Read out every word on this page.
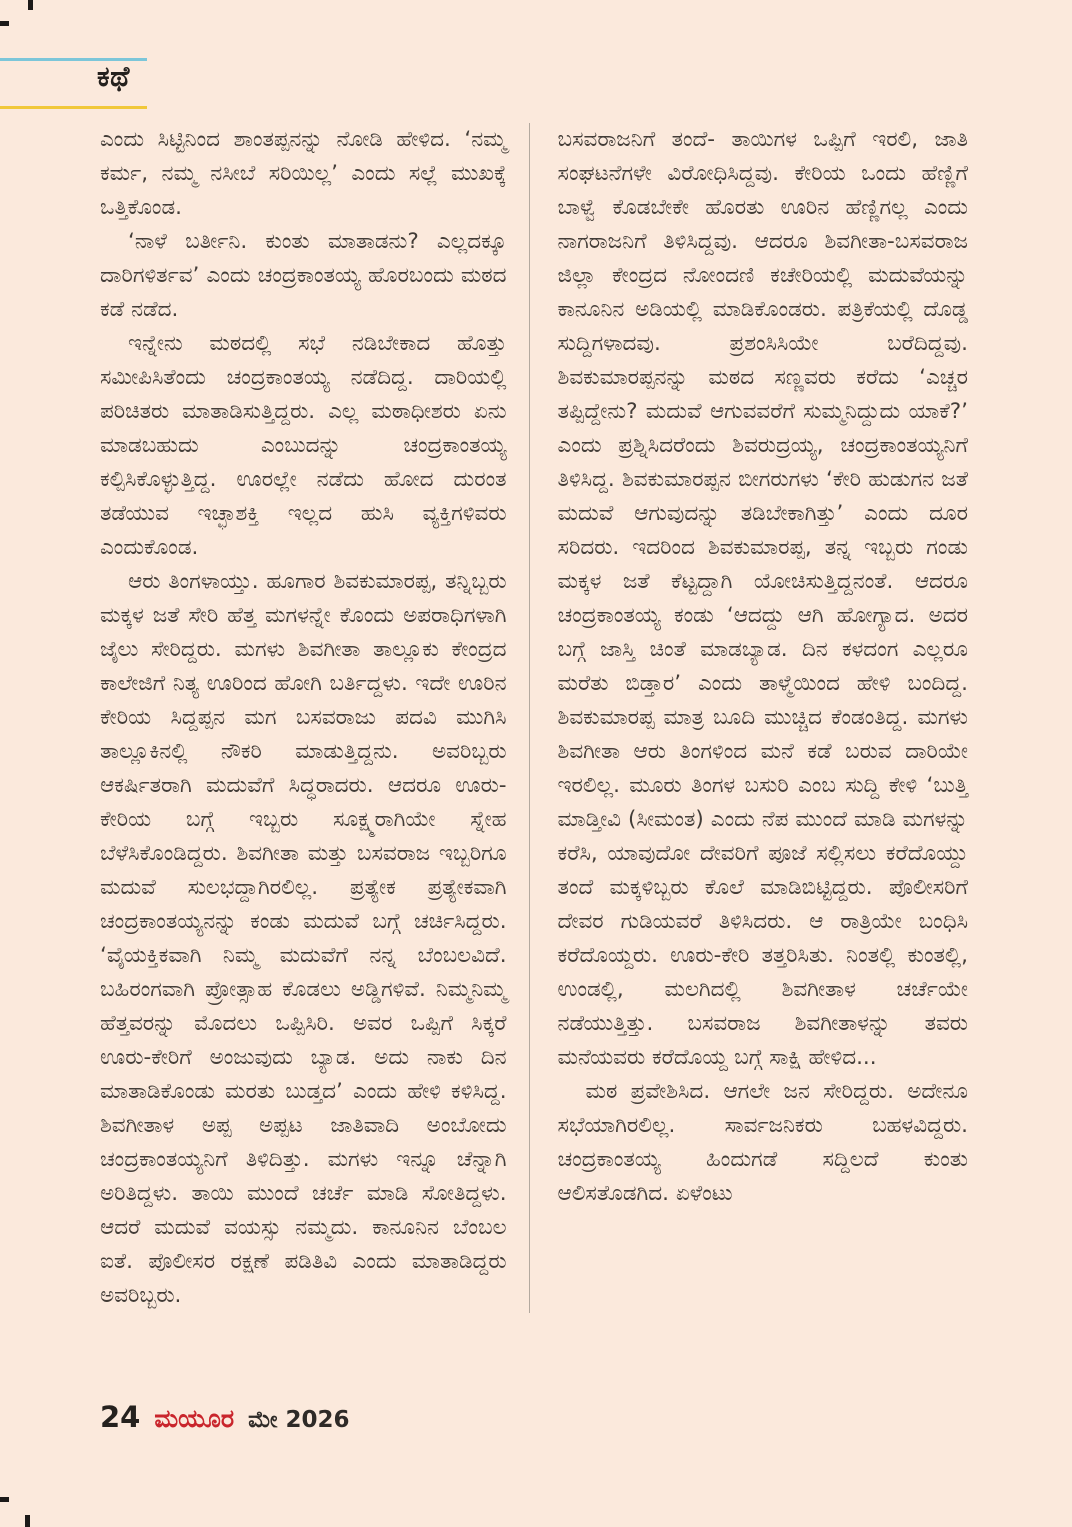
ಕಥೆ

ಎಂದು ಸಿಟ್ಟಿನಿಂದ ಶಾಂತಪ್ಪನನ್ನು ನೋಡಿ ಹೇಳಿದ. ‘ನಮ್ಮ ಕರ್ಮ, ನಮ್ಮ ನಸೀಬೆ ಸರಿಯಿಲ್ಲ’ ಎಂದು ಸಲ್ಲೆ ಮುಖಕ್ಕೆ ಒತ್ತಿಕೊಂಡ.

‘ನಾಳೆ ಬರ್ತೀನಿ. ಕುಂತು ಮಾತಾಡನು? ಎಲ್ಲದಕ್ಕೂ ದಾರಿಗಳಿರ್ತವ’ ಎಂದು ಚಂದ್ರಕಾಂತಯ್ಯ ಹೊರಬಂದು ಮಠದ ಕಡೆ ನಡೆದ.

ಇನ್ನೇನು ಮಠದಲ್ಲಿ ಸಭೆ ನಡಿಬೇಕಾದ ಹೊತ್ತು ಸಮೀಪಿಸಿತೆಂದು ಚಂದ್ರಕಾಂತಯ್ಯ ನಡೆದಿದ್ದ. ದಾರಿಯಲ್ಲಿ ಪರಿಚಿತರು ಮಾತಾಡಿಸುತ್ತಿದ್ದರು. ಎಲ್ಲ ಮಠಾಧೀಶರು ಏನು ಮಾಡಬಹುದು ಎಂಬುದನ್ನು ಚಂದ್ರಕಾಂತಯ್ಯ ಕಲ್ಪಿಸಿಕೊಳ್ಳುತ್ತಿದ್ದ. ಊರಲ್ಲೇ ನಡೆದು ಹೋದ ದುರಂತ ತಡೆಯುವ ಇಚ್ಛಾಶಕ್ತಿ ಇಲ್ಲದ ಹುಸಿ ವ್ಯಕ್ತಿಗಳಿವರು ಎಂದುಕೊಂಡ.

ಆರು ತಿಂಗಳಾಯ್ತು. ಹೂಗಾರ ಶಿವಕುಮಾರಪ್ಪ, ತನ್ನಿಬ್ಬರು ಮಕ್ಕಳ ಜತೆ ಸೇರಿ ಹೆತ್ತ ಮಗಳನ್ನೇ ಕೊಂದು ಅಪರಾಧಿಗಳಾಗಿ ಜೈಲು ಸೇರಿದ್ದರು. ಮಗಳು ಶಿವಗೀತಾ ತಾಲ್ಲೂಕು ಕೇಂದ್ರದ ಕಾಲೇಜಿಗೆ ನಿತ್ಯ ಊರಿಂದ ಹೋಗಿ ಬರ್ತಿದ್ದಳು. ಇದೇ ಊರಿನ ಕೇರಿಯ ಸಿದ್ದಪ್ಪನ ಮಗ ಬಸವರಾಜು ಪದವಿ ಮುಗಿಸಿ ತಾಲ್ಲೂಕಿನಲ್ಲಿ ನೌಕರಿ ಮಾಡುತ್ತಿದ್ದನು. ಅವರಿಬ್ಬರು ಆಕರ್ಷಿತರಾಗಿ ಮದುವೆಗೆ ಸಿದ್ಧರಾದರು. ಆದರೂ ಊರು-ಕೇರಿಯ ಬಗ್ಗೆ ಇಬ್ಬರು ಸೂಕ್ಷ್ಮರಾಗಿಯೇ ಸ್ನೇಹ ಬೆಳೆಸಿಕೊಂಡಿದ್ದರು. ಶಿವಗೀತಾ ಮತ್ತು ಬಸವರಾಜ ಇಬ್ಬರಿಗೂ ಮದುವೆ ಸುಲಭದ್ದಾಗಿರಲಿಲ್ಲ. ಪ್ರತ್ಯೇಕ ಪ್ರತ್ಯೇಕವಾಗಿ ಚಂದ್ರಕಾಂತಯ್ಯನನ್ನು ಕಂಡು ಮದುವೆ ಬಗ್ಗೆ ಚರ್ಚಿಸಿದ್ದರು. ‘ವೈಯಕ್ತಿಕವಾಗಿ ನಿಮ್ಮ ಮದುವೆಗೆ ನನ್ನ ಬೆಂಬಲವಿದೆ. ಬಹಿರಂಗವಾಗಿ ಪ್ರೋತ್ಸಾಹ ಕೊಡಲು ಅಡ್ಡಿಗಳಿವೆ. ನಿಮ್ಮನಿಮ್ಮ ಹೆತ್ತವರನ್ನು ಮೊದಲು ಒಪ್ಪಿಸಿರಿ. ಅವರ ಒಪ್ಪಿಗೆ ಸಿಕ್ಕರೆ ಊರು-ಕೇರಿಗೆ ಅಂಜುವುದು ಬ್ಯಾಡ. ಅದು ನಾಕು ದಿನ ಮಾತಾಡಿಕೊಂಡು ಮರತು ಬುಡ್ತದ’ ಎಂದು ಹೇಳಿ ಕಳಿಸಿದ್ದ. ಶಿವಗೀತಾಳ ಅಪ್ಪ ಅಪ್ಪಟ ಜಾತಿವಾದಿ ಅಂಬೋದು ಚಂದ್ರಕಾಂತಯ್ಯನಿಗೆ ತಿಳಿದಿತ್ತು. ಮಗಳು ಇನ್ನೂ ಚೆನ್ನಾಗಿ ಅರಿತಿದ್ದಳು. ತಾಯಿ ಮುಂದೆ ಚರ್ಚೆ ಮಾಡಿ ಸೋತಿದ್ದಳು. ಆದರೆ ಮದುವೆ ವಯಸ್ಸು ನಮ್ಮದು. ಕಾನೂನಿನ ಬೆಂಬಲ ಐತೆ. ಪೊಲೀಸರ ರಕ್ಷಣೆ ಪಡಿತಿವಿ ಎಂದು ಮಾತಾಡಿದ್ದರು ಅವರಿಬ್ಬರು.

ಬಸವರಾಜನಿಗೆ ತಂದೆ- ತಾಯಿಗಳ ಒಪ್ಪಿಗೆ ಇರಲಿ, ಜಾತಿ ಸಂಘಟನೆಗಳೇ ವಿರೋಧಿಸಿದ್ದವು. ಕೇರಿಯ ಒಂದು ಹೆಣ್ಣಿಗೆ ಬಾಳ್ವೆ ಕೊಡಬೇಕೇ ಹೊರತು ಊರಿನ ಹೆಣ್ಣಿಗಲ್ಲ ಎಂದು ನಾಗರಾಜನಿಗೆ ತಿಳಿಸಿದ್ದವು. ಆದರೂ ಶಿವಗೀತಾ-ಬಸವರಾಜ ಜಿಲ್ಲಾ ಕೇಂದ್ರದ ನೋಂದಣಿ ಕಚೇರಿಯಲ್ಲಿ ಮದುವೆಯನ್ನು ಕಾನೂನಿನ ಅಡಿಯಲ್ಲಿ ಮಾಡಿಕೊಂಡರು. ಪತ್ರಿಕೆಯಲ್ಲಿ ದೊಡ್ಡ ಸುದ್ದಿಗಳಾದವು. ಪ್ರಶಂಸಿಸಿಯೇ ಬರೆದಿದ್ದವು. ಶಿವಕುಮಾರಪ್ಪನನ್ನು ಮಠದ ಸಣ್ಣವರು ಕರೆದು ‘ಎಚ್ಚರ ತಪ್ಪಿದ್ದೇನು? ಮದುವೆ ಆಗುವವರೆಗೆ ಸುಮ್ಮನಿದ್ದುದು ಯಾಕೆ?’ ಎಂದು ಪ್ರಶ್ನಿಸಿದರೆಂದು ಶಿವರುದ್ರಯ್ಯ, ಚಂದ್ರಕಾಂತಯ್ಯನಿಗೆ ತಿಳಿಸಿದ್ದ. ಶಿವಕುಮಾರಪ್ಪನ ಬೀಗರುಗಳು ‘ಕೇರಿ ಹುಡುಗನ ಜತೆ ಮದುವೆ ಆಗುವುದನ್ನು ತಡಿಬೇಕಾಗಿತ್ತು’ ಎಂದು ದೂರ ಸರಿದರು. ಇದರಿಂದ ಶಿವಕುಮಾರಪ್ಪ, ತನ್ನ ಇಬ್ಬರು ಗಂಡು ಮಕ್ಕಳ ಜತೆ ಕೆಟ್ಟದ್ದಾಗಿ ಯೋಚಿಸುತ್ತಿದ್ದನಂತೆ. ಆದರೂ ಚಂದ್ರಕಾಂತಯ್ಯ ಕಂಡು ‘ಆದದ್ದು ಆಗಿ ಹೋಗ್ಯಾದ. ಅದರ ಬಗ್ಗೆ ಜಾಸ್ತಿ ಚಿಂತೆ ಮಾಡಬ್ಯಾಡ. ದಿನ ಕಳದಂಗ ಎಲ್ಲರೂ ಮರೆತು ಬಿಡ್ತಾರ’ ಎಂದು ತಾಳ್ಮೆಯಿಂದ ಹೇಳಿ ಬಂದಿದ್ದ. ಶಿವಕುಮಾರಪ್ಪ ಮಾತ್ರ ಬೂದಿ ಮುಚ್ಚಿದ ಕೆಂಡಂತಿದ್ದ. ಮಗಳು ಶಿವಗೀತಾ ಆರು ತಿಂಗಳಿಂದ ಮನೆ ಕಡೆ ಬರುವ ದಾರಿಯೇ ಇರಲಿಲ್ಲ. ಮೂರು ತಿಂಗಳ ಬಸುರಿ ಎಂಬ ಸುದ್ದಿ ಕೇಳಿ ‘ಬುತ್ತಿ ಮಾಡ್ತೀವಿ (ಸೀಮಂತ) ಎಂದು ನೆಪ ಮುಂದೆ ಮಾಡಿ ಮಗಳನ್ನು ಕರೆಸಿ, ಯಾವುದೋ ದೇವರಿಗೆ ಪೂಜೆ ಸಲ್ಲಿಸಲು ಕರೆದೊಯ್ದು ತಂದೆ ಮಕ್ಕಳಿಬ್ಬರು ಕೊಲೆ ಮಾಡಿಬಿಟ್ಟಿದ್ದರು. ಪೊಲೀಸರಿಗೆ ದೇವರ ಗುಡಿಯವರೆ ತಿಳಿಸಿದರು. ಆ ರಾತ್ರಿಯೇ ಬಂಧಿಸಿ ಕರೆದೊಯ್ದರು. ಊರು-ಕೇರಿ ತತ್ತರಿಸಿತು. ನಿಂತಲ್ಲಿ ಕುಂತಲ್ಲಿ, ಉಂಡಲ್ಲಿ, ಮಲಗಿದಲ್ಲಿ ಶಿವಗೀತಾಳ ಚರ್ಚೆಯೇ ನಡೆಯುತ್ತಿತ್ತು. ಬಸವರಾಜ ಶಿವಗೀತಾಳನ್ನು ತವರು ಮನೆಯವರು ಕರೆದೊಯ್ದ ಬಗ್ಗೆ ಸಾಕ್ಷಿ ಹೇಳಿದ...

ಮಠ ಪ್ರವೇಶಿಸಿದ. ಆಗಲೇ ಜನ ಸೇರಿದ್ದರು. ಅದೇನೂ ಸಭೆಯಾಗಿರಲಿಲ್ಲ. ಸಾರ್ವಜನಿಕರು ಬಹಳವಿದ್ದರು. ಚಂದ್ರಕಾಂತಯ್ಯ ಹಿಂದುಗಡೆ ಸದ್ದಿಲದೆ ಕುಂತು ಆಲಿಸತೊಡಗಿದ. ಏಳೆಂಟು

24 ಮಯೂರ ಮೇ 2026
